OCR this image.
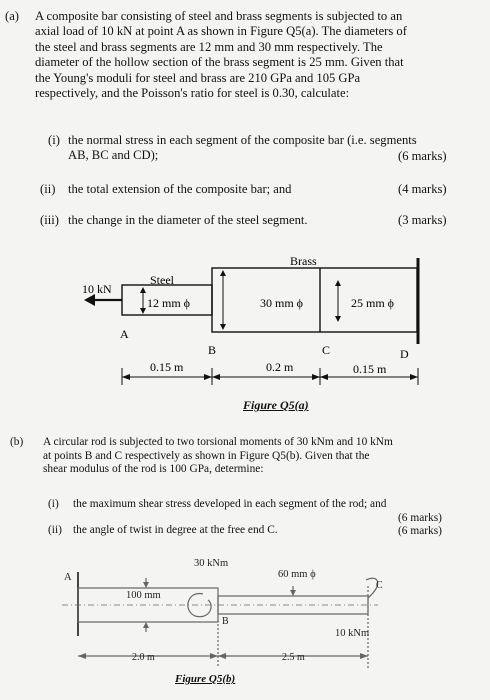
(a) A composite bar consisting of steel and brass segments is subjected to an
axial load of 10 kN at point A as shown in Figure Q5(a). The diameters of
the steel and brass segments are 12 mm and 30 mm respectively. The
diameter of the hollow section of the brass segment is 25 mm. Given that
the Young's moduli for steel and brass are 210 GPa and 105 GPa
respectively, and the Poisson's ratio for steel is 0.30, calculate:
(i) the normal stress in each segment of the composite bar (i.e. segments
AB, BC and CD);	(6 marks)
(ii) the total extension of the composite bar; and	(4 marks)
(iii) the change in the diameter of the steel segment.	(3 marks)
10 kN
Steel
Brass
12 mm ϕ	30 mm ϕ	25 mm ϕ
A
B	C	D
0.15 m	0.2 m	0.15 m
Figure Q5(a)
(b) A circular rod is subjected to two torsional moments of 30 kNm and 10 kNm
at points B and C respectively as shown in Figure Q5(b). Given that the
shear modulus of the rod is 100 GPa, determine:
(i) the maximum shear stress developed in each segment of the rod; and
(6 marks)
(ii) the angle of twist in degree at the free end C.	(6 marks)
30 kNm
60 mm ϕ
100 mm
A
B
C
10 kNm
2.0 m	2.5 m
Figure Q5(b)
